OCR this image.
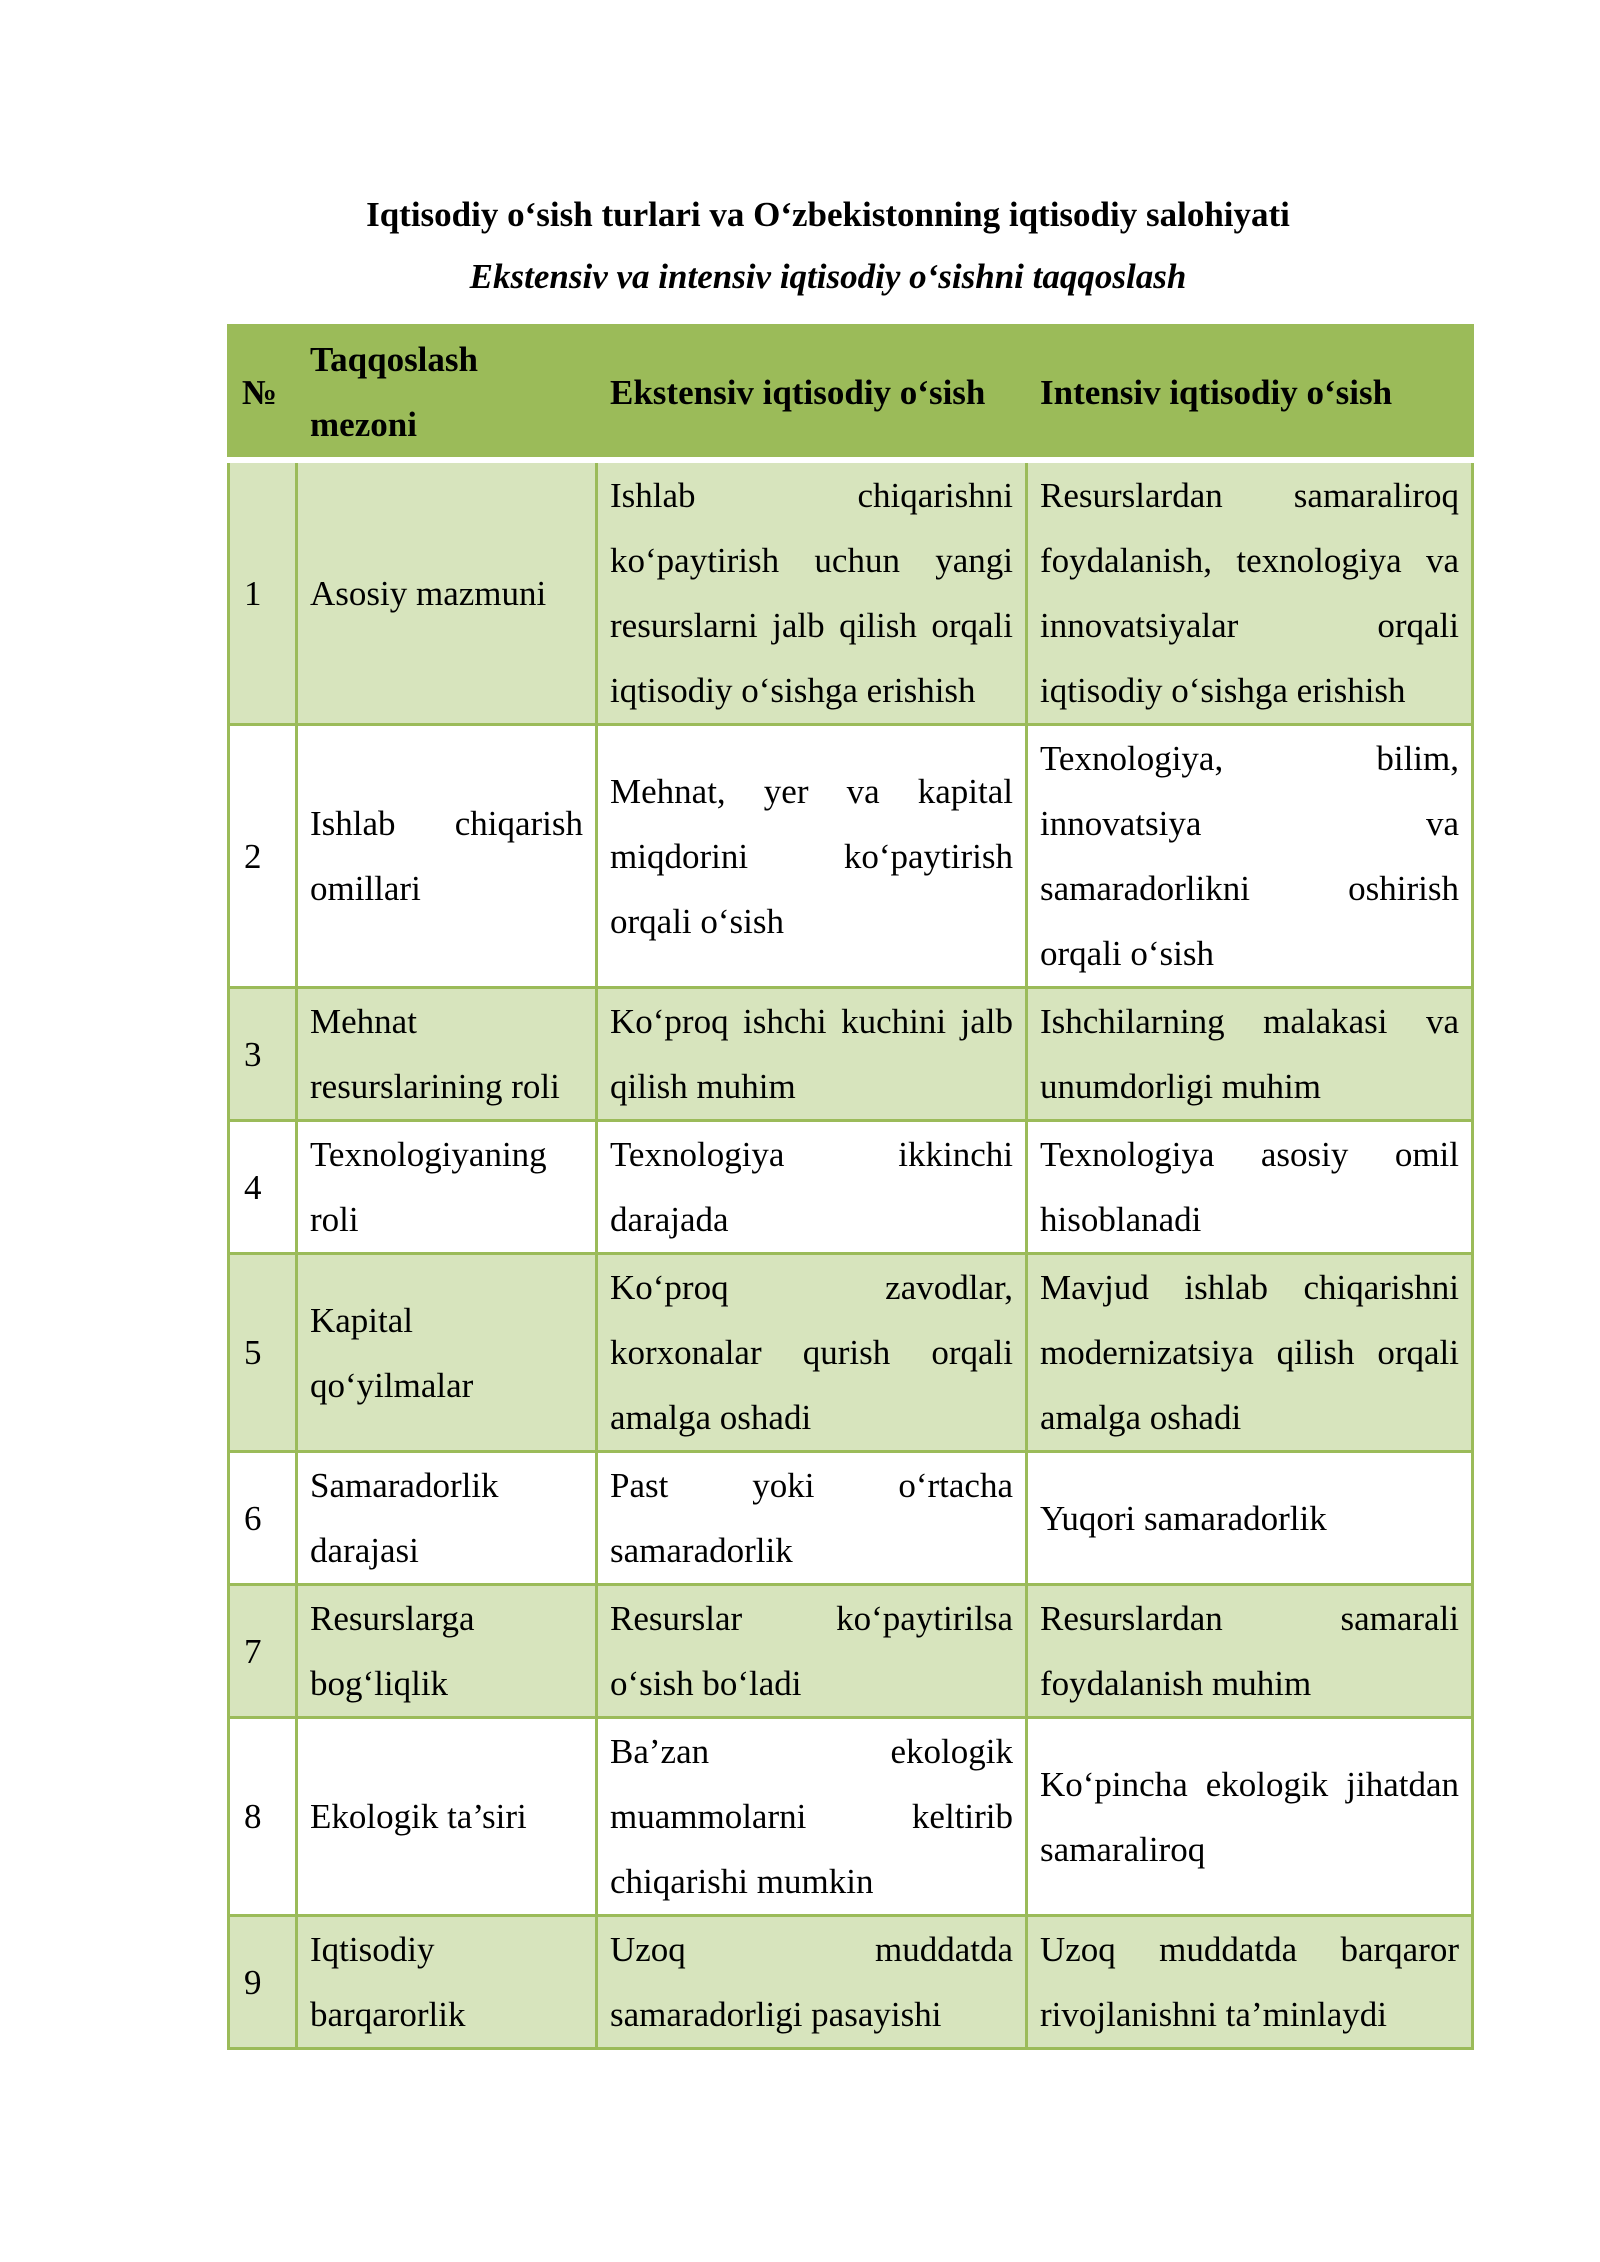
Iqtisodiy o‘sish turlari va O‘zbekistonning iqtisodiy salohiyati
Ekstensiv va intensiv iqtisodiy o‘sishni taqqoslash
№	Taqqoslash mezoni	Ekstensiv iqtisodiy o‘sish	Intensiv iqtisodiy o‘sish
1	Asosiy mazmuni	Ishlab chiqarishni ko‘paytirish uchun yangi resurslarni jalb qilish orqali iqtisodiy o‘sishga erishish	Resurslardan samaraliroq foydalanish, texnologiya va innovatsiyalar orqali iqtisodiy o‘sishga erishish
2	Ishlab chiqarish omillari	Mehnat, yer va kapital miqdorini ko‘paytirish orqali o‘sish	Texnologiya, bilim, innovatsiya va samaradorlikni oshirish orqali o‘sish
3	Mehnat resurslarining roli	Ko‘proq ishchi kuchini jalb qilish muhim	Ishchilarning malakasi va unumdorligi muhim
4	Texnologiyaning roli	Texnologiya ikkinchi darajada	Texnologiya asosiy omil hisoblanadi
5	Kapital qo‘yilmalar	Ko‘proq zavodlar, korxonalar qurish orqali amalga oshadi	Mavjud ishlab chiqarishni modernizatsiya qilish orqali amalga oshadi
6	Samaradorlik darajasi	Past yoki o‘rtacha samaradorlik	Yuqori samaradorlik
7	Resurslarga bog‘liqlik	Resurslar ko‘paytirilsa o‘sish bo‘ladi	Resurslardan samarali foydalanish muhim
8	Ekologik ta’siri	Ba’zan ekologik muammolarni keltirib chiqarishi mumkin	Ko‘pincha ekologik jihatdan samaraliroq
9	Iqtisodiy barqarorlik	Uzoq muddatda samaradorligi pasayishi	Uzoq muddatda barqaror rivojlanishni ta’minlaydi
